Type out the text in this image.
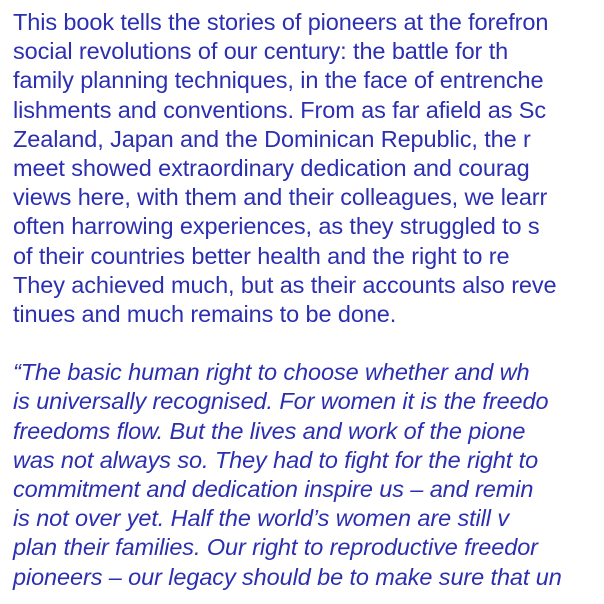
This book tells the stories of pioneers at the forefron
social revolutions of our century: the battle for th
family planning techniques, in the face of entrenche
lishments and conventions. From as far afield as Sc
Zealand, Japan and the Dominican Republic, the r
meet showed extraordinary dedication and courag
views here, with them and their colleagues, we learr
often harrowing experiences, as they struggled to s
of their countries better health and the right to re
They achieved much, but as their accounts also reve
tinues and much remains to be done.
“The basic human right to choose whether and wh
is universally recognised. For women it is the freedo
freedoms flow. But the lives and work of the pione
was not always so. They had to fight for the right to
commitment and dedication inspire us – and remin
is not over yet. Half the world’s women are still v
plan their families. Our right to reproductive freedor
pioneers – our legacy should be to make sure that un
